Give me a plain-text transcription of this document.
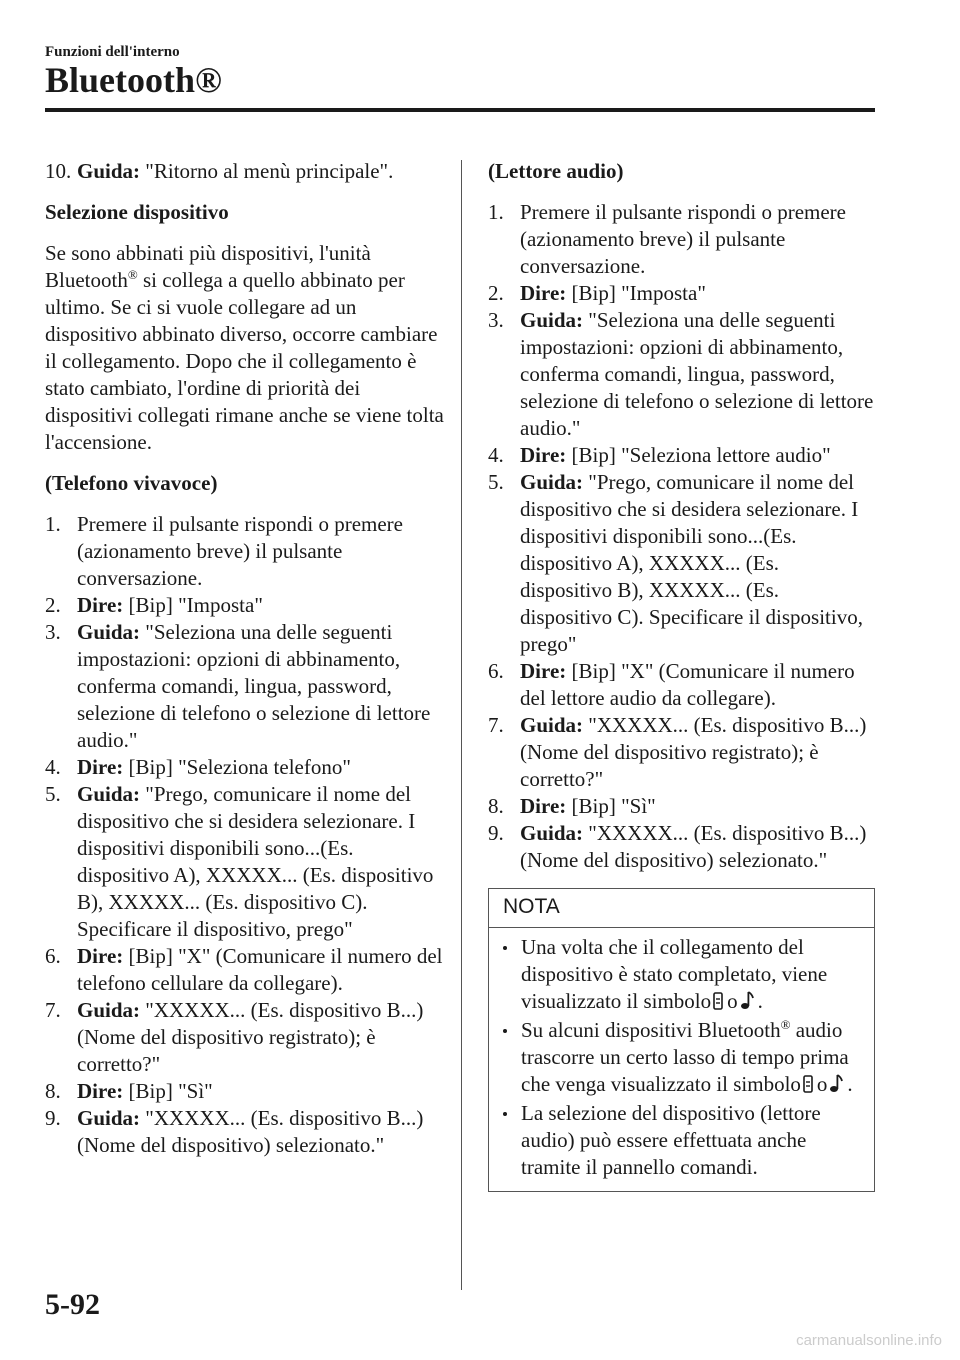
Funzioni dell'interno
Bluetooth®
10. Guida: "Ritorno al menù principale".

Selezione dispositivo

Se sono abbinati più dispositivi, l'unità Bluetooth® si collega a quello abbinato per ultimo. Se ci si vuole collegare ad un dispositivo abbinato diverso, occorre cambiare il collegamento. Dopo che il collegamento è stato cambiato, l'ordine di priorità dei dispositivi collegati rimane anche se viene tolta l'accensione.

(Telefono vivavoce)

1. Premere il pulsante rispondi o premere (azionamento breve) il pulsante conversazione.
2. Dire: [Bip] "Imposta"
3. Guida: "Seleziona una delle seguenti impostazioni: opzioni di abbinamento, conferma comandi, lingua, password, selezione di telefono o selezione di lettore audio."
4. Dire: [Bip] "Seleziona telefono"
5. Guida: "Prego, comunicare il nome del dispositivo che si desidera selezionare. I dispositivi disponibili sono...(Es. dispositivo A), XXXXX... (Es. dispositivo B), XXXXX... (Es. dispositivo C). Specificare il dispositivo, prego"
6. Dire: [Bip] "X" (Comunicare il numero del telefono cellulare da collegare).
7. Guida: "XXXXX... (Es. dispositivo B...) (Nome del dispositivo registrato); è corretto?"
8. Dire: [Bip] "Sì"
9. Guida: "XXXXX... (Es. dispositivo B...) (Nome del dispositivo) selezionato."

(Lettore audio)

1. Premere il pulsante rispondi o premere (azionamento breve) il pulsante conversazione.
2. Dire: [Bip] "Imposta"
3. Guida: "Seleziona una delle seguenti impostazioni: opzioni di abbinamento, conferma comandi, lingua, password, selezione di telefono o selezione di lettore audio."
4. Dire: [Bip] "Seleziona lettore audio"
5. Guida: "Prego, comunicare il nome del dispositivo che si desidera selezionare. I dispositivi disponibili sono...(Es. dispositivo A), XXXXX... (Es. dispositivo B), XXXXX... (Es. dispositivo C). Specificare il dispositivo, prego"
6. Dire: [Bip] "X" (Comunicare il numero del lettore audio da collegare).
7. Guida: "XXXXX... (Es. dispositivo B...) (Nome del dispositivo registrato); è corretto?"
8. Dire: [Bip] "Sì"
9. Guida: "XXXXX... (Es. dispositivo B...) (Nome del dispositivo) selezionato."
NOTA
Una volta che il collegamento del dispositivo è stato completato, viene visualizzato il simbolo o .
Su alcuni dispositivi Bluetooth® audio trascorre un certo lasso di tempo prima che venga visualizzato il simbolo o .
La selezione del dispositivo (lettore audio) può essere effettuata anche tramite il pannello comandi.
5-92
carmanualsonline.info
